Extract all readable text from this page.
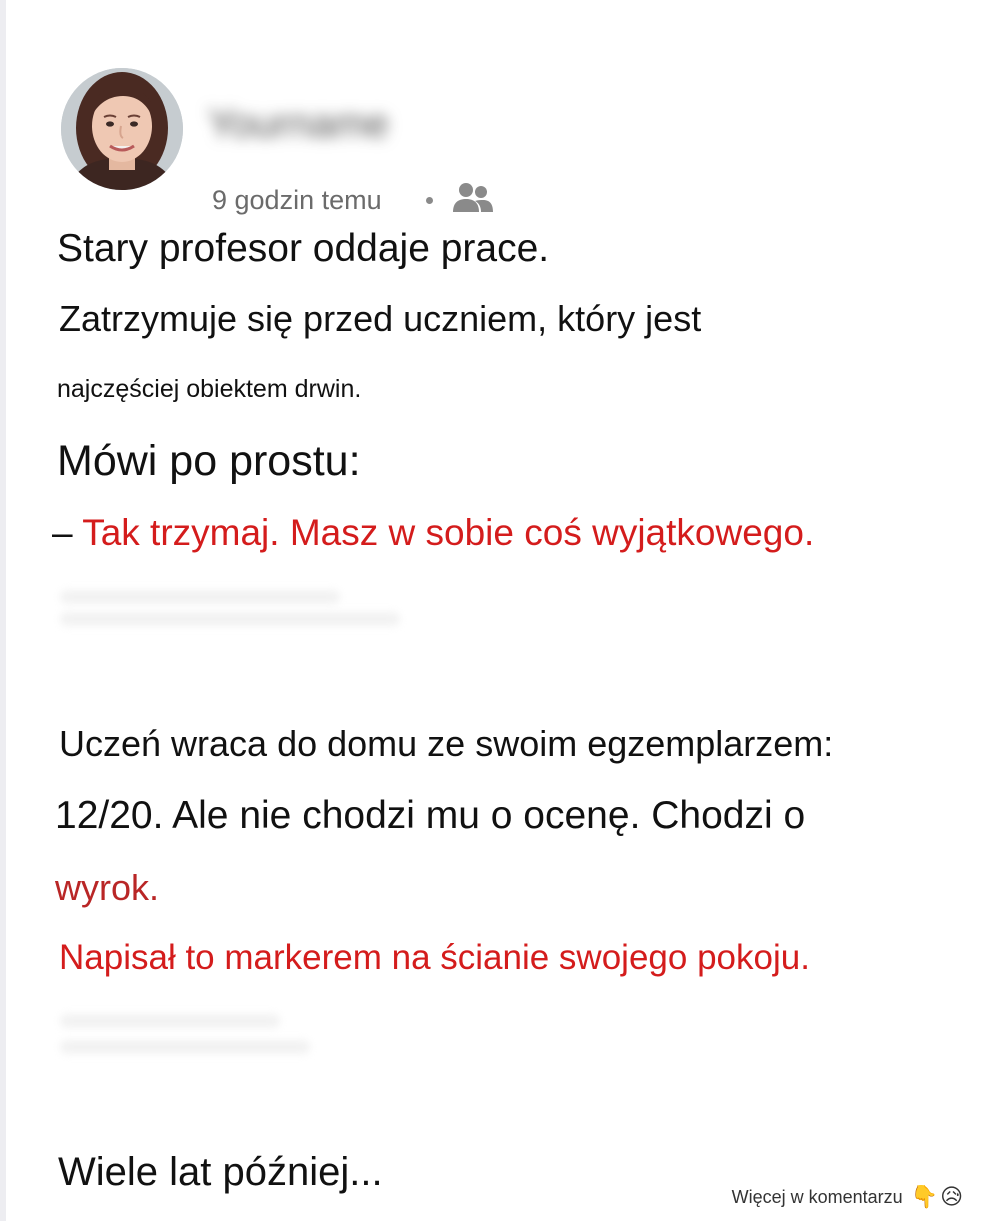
Yourname
9 godzin temu
Stary profesor oddaje prace.
Zatrzymuje się przed uczniem, który jest
najczęściej obiektem drwin.
Mówi po prostu:
– Tak trzymaj. Masz w sobie coś wyjątkowego.
Uczeń wraca do domu ze swoim egzemplarzem:
12/20. Ale nie chodzi mu o ocenę. Chodzi o
wyrok.
Napisał to markerem na ścianie swojego pokoju.
Wiele lat później...
Więcej w komentarzu 👇 😥
